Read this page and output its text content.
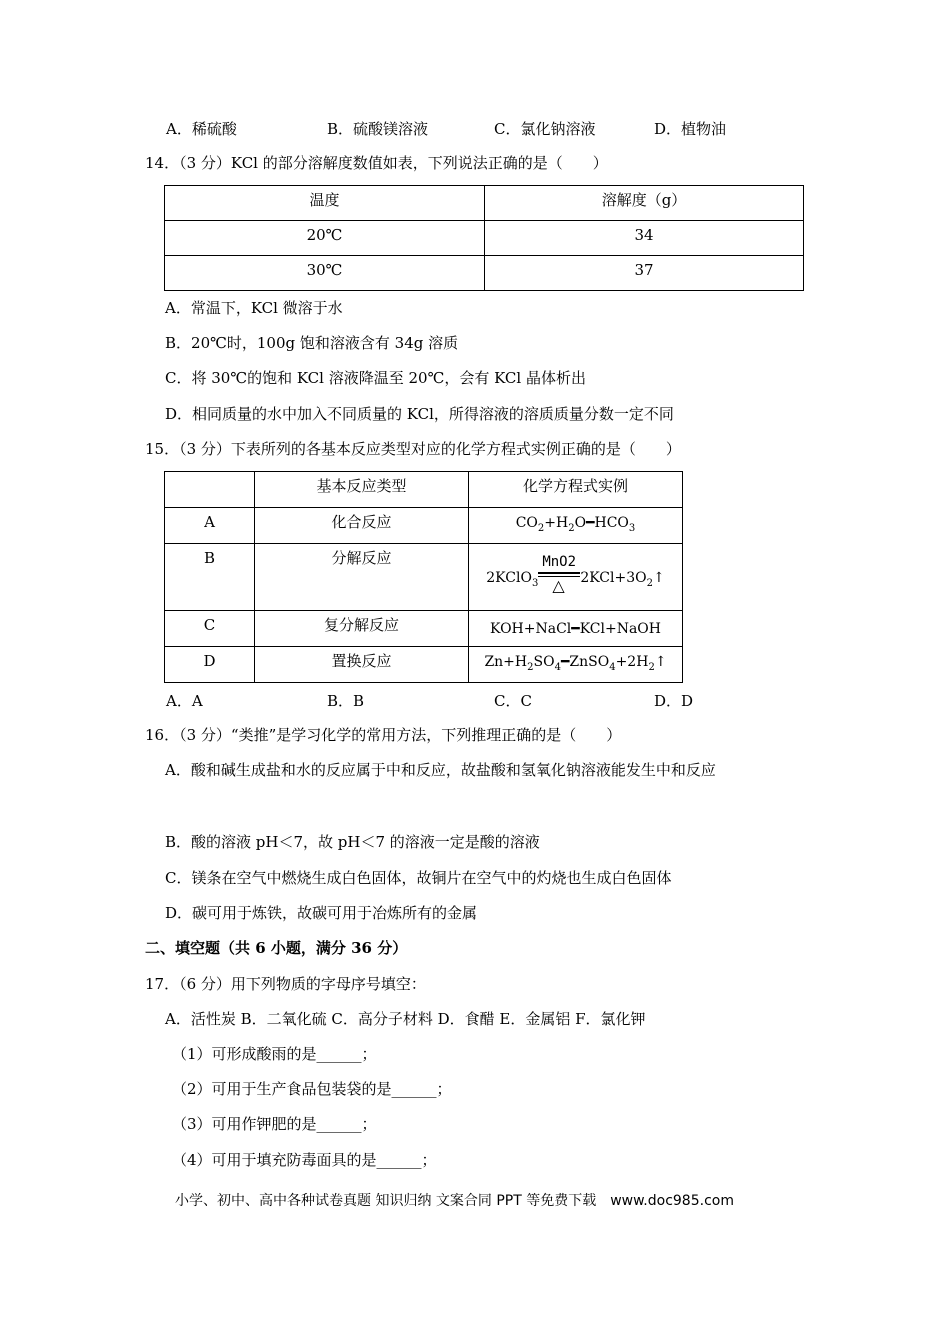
A．稀硫酸	B．硫酸镁溶液	C．氯化钠溶液	D．植物油
14．（3 分）KCl 的部分溶解度数值如表，下列说法正确的是（　　）
温度	溶解度（g）
20℃	34
30℃	37
A．常温下，KCl 微溶于水
B．20℃时，100g 饱和溶液含有 34g 溶质
C．将 30℃的饱和 KCl 溶液降温至 20℃，会有 KCl 晶体析出
D．相同质量的水中加入不同质量的 KCl，所得溶液的溶质质量分数一定不同
15．（3 分）下表所列的各基本反应类型对应的化学方程式实例正确的是（　　）
	基本反应类型	化学方程式实例
A	化合反应	$CO_2+H_2O━HCO_3$
B	分解反应	2KClO$_3$ $\frac{\text{MnO2}}{\triangle}$ $2KCl+3O_2↑$
C	复分解反应	KOH+NaCl━KCl+NaOH
D	置换反应	$Zn+H_2SO_4━ZnSO_4+2H_2↑$
A．A	B．B	C．C	D．D
16．（3 分）“类推”是学习化学的常用方法，下列推理正确的是（　　）
A．酸和碱生成盐和水的反应属于中和反应，故盐酸和氢氧化钠溶液能发生中和反应
B．酸的溶液 pH＜7，故 pH＜7 的溶液一定是酸的溶液
C．镁条在空气中燃烧生成白色固体，故铜片在空气中的灼烧也生成白色固体
D．碳可用于炼铁，故碳可用于冶炼所有的金属
二、填空题（共 6 小题，满分 36 分）
17．（6 分）用下列物质的字母序号填空：
A．活性炭 B．二氧化硫 C．高分子材料 D．食醋 E．金属铝 F．氯化钾
（1）可形成酸雨的是______；
（2）可用于生产食品包装袋的是______；
（3）可用作钾肥的是______；
（4）可用于填充防毒面具的是______；
小学、初中、高中各种试卷真题 知识归纳 文案合同 PPT 等免费下载　www.doc985.com
